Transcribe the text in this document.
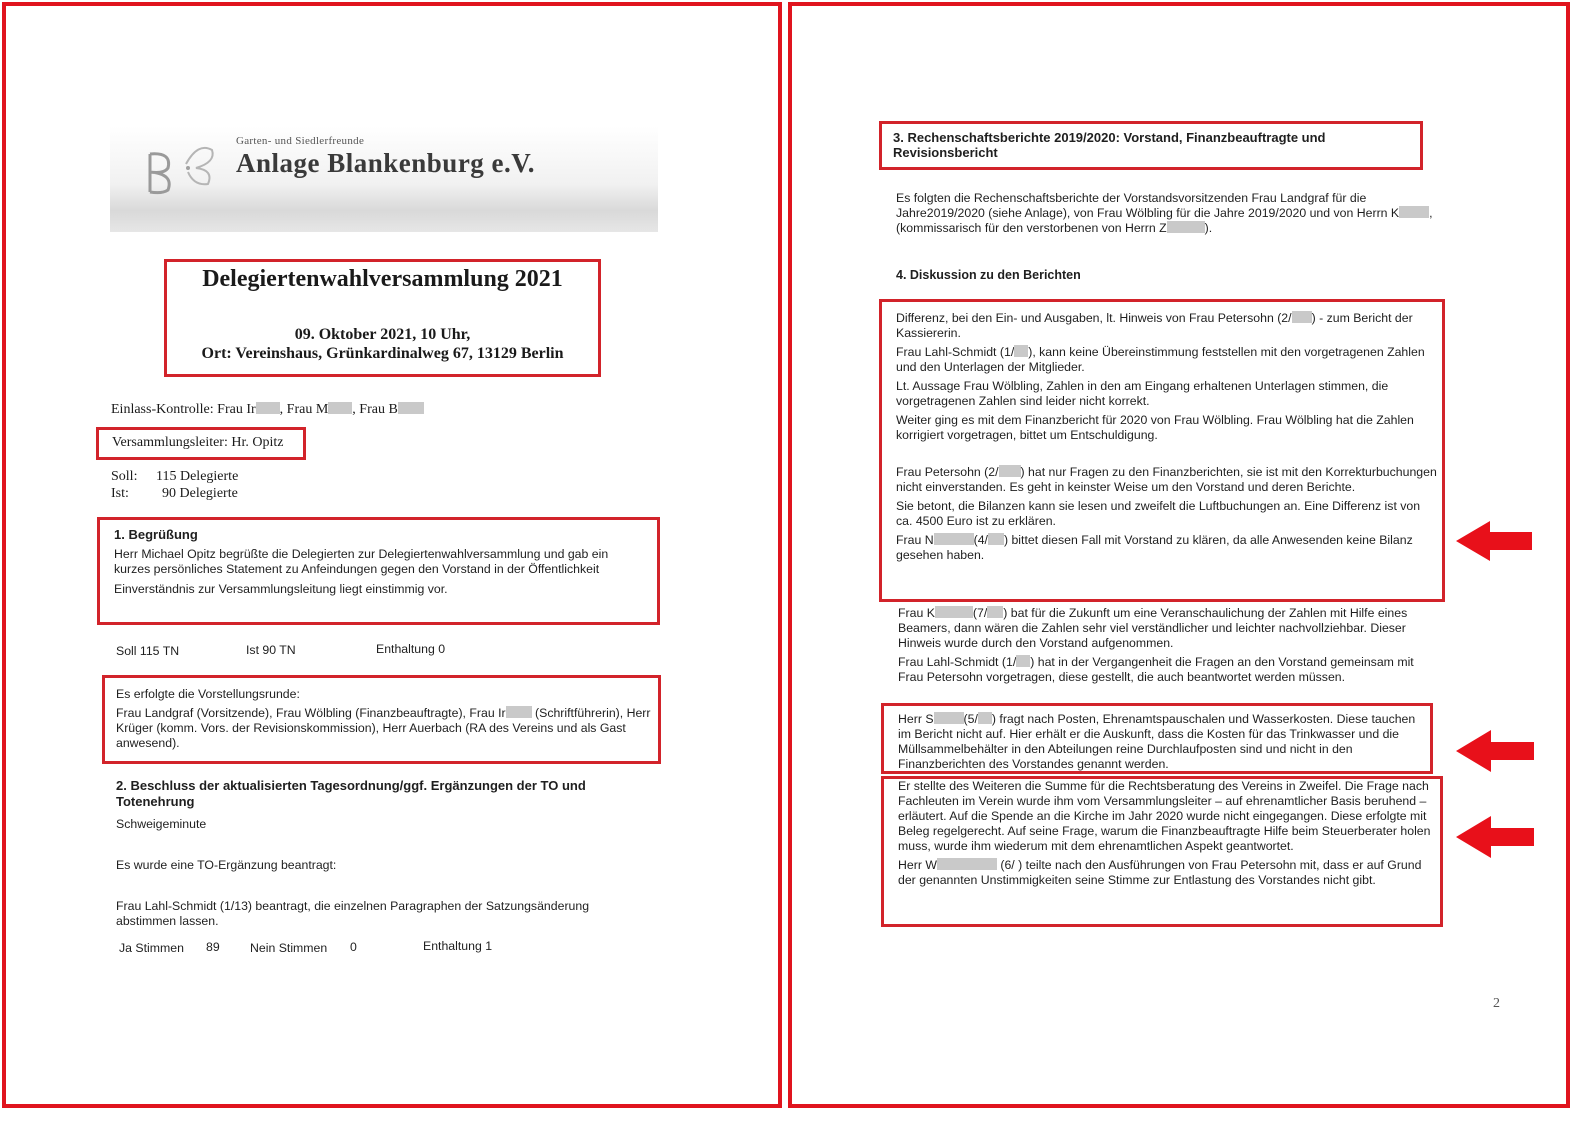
Garten- und Siedlerfreunde
Anlage Blankenburg e.V.
Delegiertenwahlversammlung 2021
09. Oktober 2021, 10 Uhr,
Ort: Vereinshaus, Grünkardinalweg 67, 13129 Berlin
Einlass-Kontrolle: Frau Ir , Frau M , Frau B
Versammlungsleiter: Hr. Opitz
Soll: 115 Delegierte
Ist: 90 Delegierte

1. Begrüßung

Herr Michael Opitz begrüßte die Delegierten zur Delegiertenwahlversammlung und gab ein kurzes persönliches Statement zu Anfeindungen gegen den Vorstand in der Öffentlichkeit

Einverständnis zur Versammlungsleitung liegt einstimmig vor.

Soll 115 TN	Ist 90 TN	Enthaltung 0

Es erfolgte die Vorstellungsrunde:

Frau Landgraf (Vorsitzende), Frau Wölbling (Finanzbeauftragte), Frau Ir (Schriftführerin), Herr Krüger (komm. Vors. der Revisionskommission), Herr Auerbach (RA des Vereins und als Gast anwesend).

2. Beschluss der aktualisierten Tagesordnung/ggf. Ergänzungen der TO und Totenehrung

Schweigeminute

Es wurde eine TO-Ergänzung beantragt:

Frau Lahl-Schmidt (1/13) beantragt, die einzelnen Paragraphen der Satzungsänderung abstimmen lassen.

Ja Stimmen 89 Nein Stimmen 0	Enthaltung 1
3. Rechenschaftsberichte 2019/2020: Vorstand, Finanzbeauftragte und Revisionsbericht

Es folgten die Rechenschaftsberichte der Vorstandsvorsitzenden Frau Landgraf für die Jahre2019/2020 (siehe Anlage), von Frau Wölbling für die Jahre 2019/2020 und von Herrn K , (kommissarisch für den verstorbenen von Herrn Z	).

4. Diskussion zu den Berichten

Differenz, bei den Ein- und Ausgaben, lt. Hinweis von Frau Petersohn (2/ ) - zum Bericht der Kassiererin.

Frau Lahl-Schmidt (1/ ), kann keine Übereinstimmung feststellen mit den vorgetragenen Zahlen und den Unterlagen der Mitglieder.

Lt. Aussage Frau Wölbling, Zahlen in den am Eingang erhaltenen Unterlagen stimmen, die vorgetragenen Zahlen sind leider nicht korrekt.

Weiter ging es mit dem Finanzbericht für 2020 von Frau Wölbling. Frau Wölbling hat die Zahlen korrigiert vorgetragen, bittet um Entschuldigung.

Frau Petersohn (2/ ) hat nur Fragen zu den Finanzberichten, sie ist mit den Korrekturbuchungen nicht einverstanden. Es geht in keinster Weise um den Vorstand und deren Berichte.

Sie betont, die Bilanzen kann sie lesen und zweifelt die Luftbuchungen an. Eine Differenz ist von ca. 4500 Euro ist zu erklären.

Frau N	(4/ ) bittet diesen Fall mit Vorstand zu klären, da alle Anwesenden keine Bilanz gesehen haben.

Frau K	(7/ ) bat für die Zukunft um eine Veranschaulichung der Zahlen mit Hilfe eines Beamers, dann wären die Zahlen sehr viel verständlicher und leichter nachvollziehbar. Dieser Hinweis wurde durch den Vorstand aufgenommen.

Frau Lahl-Schmidt (1/ ) hat in der Vergangenheit die Fragen an den Vorstand gemeinsam mit Frau Petersohn vorgetragen, diese gestellt, die auch beantwortet werden müssen.

Herr S (5/ ) fragt nach Posten, Ehrenamtspauschalen und Wasserkosten. Diese tauchen im Bericht nicht auf. Hier erhält er die Auskunft, dass die Kosten für das Trinkwasser und die Müllsammelbehälter in den Abteilungen reine Durchlaufposten sind und nicht in den Finanzberichten des Vorstandes genannt werden.

Er stellte des Weiteren die Summe für die Rechtsberatung des Vereins in Zweifel. Die Frage nach Fachleuten im Verein wurde ihm vom Versammlungsleiter – auf ehrenamtlicher Basis beruhend – erläutert. Auf die Spende an die Kirche im Jahr 2020 wurde nicht eingegangen. Diese erfolgte mit Beleg regelgerecht. Auf seine Frage, warum die Finanzbeauftragte Hilfe beim Steuerberater holen muss, wurde ihm wiederum mit dem ehrenamtlichen Aspekt geantwortet.

Herr W	(6/ ) teilte nach den Ausführungen von Frau Petersohn mit, dass er auf Grund der genannten Unstimmigkeiten seine Stimme zur Entlastung des Vorstandes nicht gibt.

2
